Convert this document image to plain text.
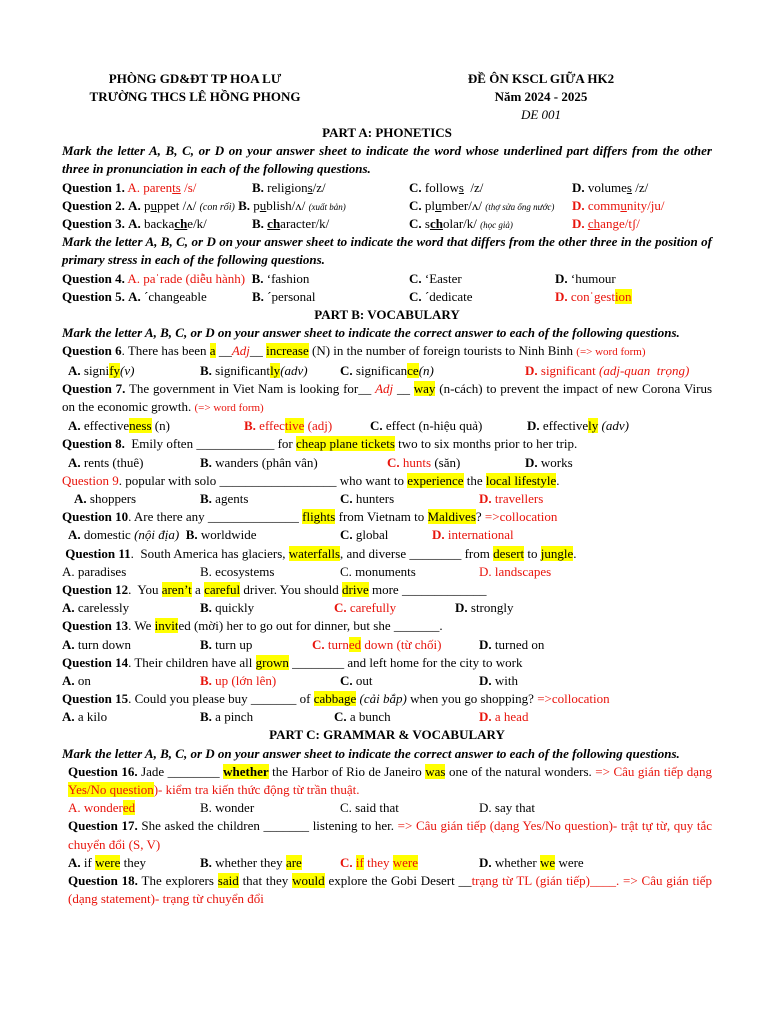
PHÒNG GD&ĐT TP HOA LƯ
TRƯỜNG THCS LÊ HỒNG PHONG
ĐỀ ÔN KSCL GIỮA HK2
Năm 2024 - 2025
DE 001
PART A: PHONETICS
Mark the letter A, B, C, or D on your answer sheet to indicate the word whose underlined part differs from the other three in pronunciation in each of the following questions.
Question 1. A. parents /s/	B. religions/z/	C. follows  /z/	D. volumes /z/
Question 2. A. puppet /ʌ/ (con rối) B. publish/ʌ/ (xuất bản)	C. plumber/ʌ/ (thợ sửa ống nước) D. community/ju/
Question 3. A. backache/k/	B. character/k/	C. scholar/k/ (học giả)	D. change/tʃ/
Mark the letter A, B, C, or D on your answer sheet to indicate the word that differs from the other three in the position of primary stress in each of the following questions.
Question 4. A. paˈrade (diễu hành) B. ‘fashion	C. ‘Easter	D. ‘humour
Question 5. A. ˊchangeable	B. ˊpersonal	C. ˊdedicate	D. conˈgestion
PART B: VOCABULARY
Mark the letter A, B, C, or D on your answer sheet to indicate the correct answer to each of the following questions.
Question 6. There has been a __Adj__ increase (N) in the number of foreign tourists to Ninh Binh (=> word form)
A. signify(v)	B. significantly(adv) C. significance(n)	D. significant (adj-quan  trọng)
Question 7. The government in Viet Nam is looking for__ Adj __ way (n-cách) to prevent the impact of new Corona Virus on the economic growth. (=> word form)
A. effectiveness (n)	B. effective (adj)	C. effect (n-hiệu quả)	D. effectively (adv)
Question 8.  Emily often ____________ for cheap plane tickets two to six months prior to her trip.
A. rents (thuê)	B. wanders (phân vân)	C. hunts (săn)	D. works
Question 9. popular with solo __________________ who want to experience the local lifestyle.
A. shoppers	B. agents	C. hunters	D. travellers
Question 10. Are there any ______________ flights from Vietnam to Maldives? =>collocation
A. domestic (nội địa) B. worldwide	C. global	D. international
Question 11.  South America has glaciers, waterfalls, and diverse ________ from desert to jungle.
A. paradises	B. ecosystems	C. monuments	D. landscapes
Question 12.  You aren’t a careful driver. You should drive more _____________
A. carelessly	B. quickly	C. carefully	D. strongly
Question 13. We invited (mời) her to go out for dinner, but she _______.
A. turn down	B. turn up	C. turned down (từ chối)	D. turned on
Question 14. Their children have all grown ________ and left home for the city to work
A. on	B. up (lớn lên)	C. out	D. with
Question 15. Could you please buy _______ of cabbage (cải bắp) when you go shopping? =>collocation
A. a kilo	B. a pinch	C. a bunch	D. a head
PART C: GRAMMAR & VOCABULARY
Mark the letter A, B, C, or D on your answer sheet to indicate the correct answer to each of the following questions.
Question 16. Jade ________ whether the Harbor of Rio de Janeiro was one of the natural wonders. => Câu gián tiếp dạng Yes/No question)- kiểm tra kiến thức động từ trần thuật.
A. wondered	B. wonder	C. said that	D. say that
Question 17. She asked the children _______ listening to her. => Câu gián tiếp (dạng Yes/No question)- trật tự từ, quy tắc chuyển đổi (S, V)
A. if were they	B. whether they are	C. if they were	D. whether we were
Question 18. The explorers said that they would explore the Gobi Desert __trạng từ TL (gián tiếp)____. => Câu gián tiếp (dạng statement)- trạng từ chuyển đổi
